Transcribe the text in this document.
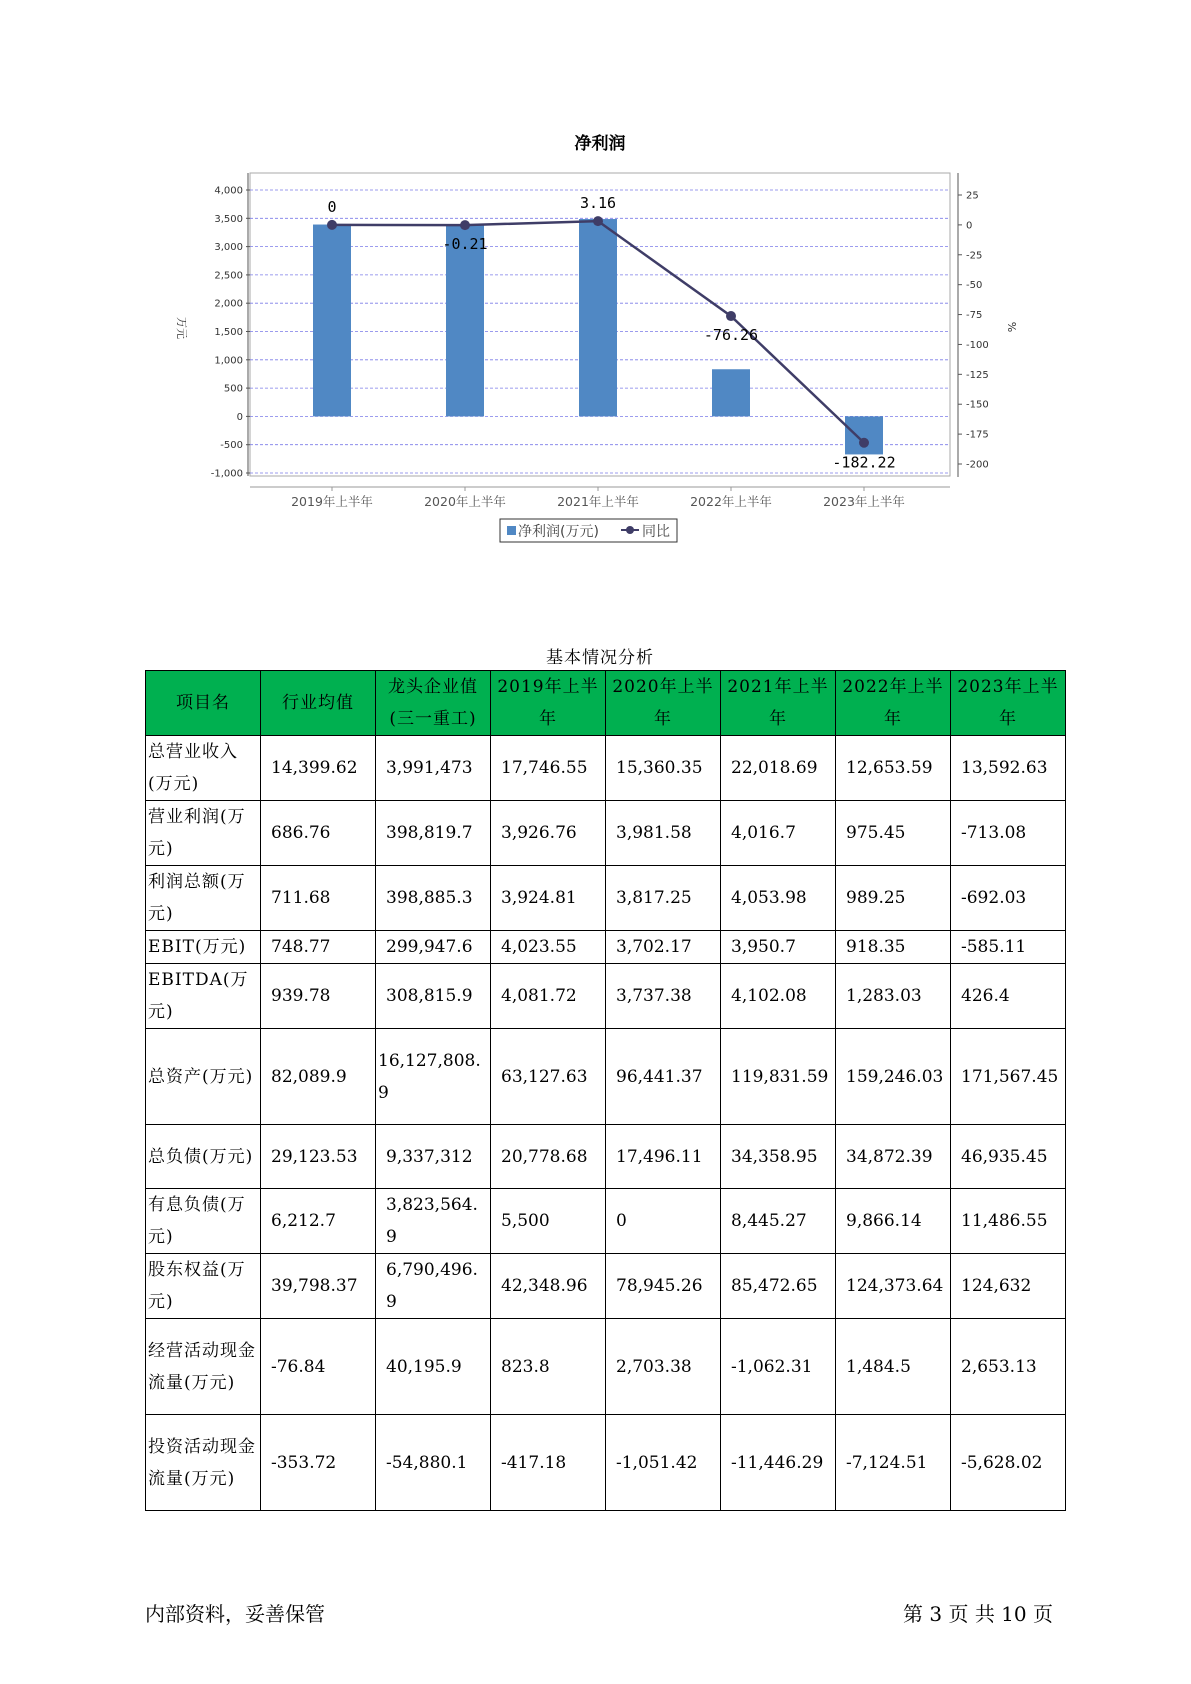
净利润
4,000
3,500
3,000
2,500
2,000
1,500
1,000
500
0
-500
-1,000
25
0
-25
-50
-75
-100
-125
-150
-175
-200
万元	%
2019年上半年	2020年上半年	2021年上半年	2022年上半年	2023年上半年
0
-0.21
3.16
-76.26
-182.22
净利润(万元)	同比
基本情况分析
项目名	行业均值	龙头企业值(三一重工)	2019年上半年	2020年上半年	2021年上半年	2022年上半年	2023年上半年
总营业收入(万元)	14,399.62	3,991,473	17,746.55	15,360.35	22,018.69	12,653.59	13,592.63
营业利润(万元)	686.76	398,819.7	3,926.76	3,981.58	4,016.7	975.45	-713.08
利润总额(万元)	711.68	398,885.3	3,924.81	3,817.25	4,053.98	989.25	-692.03
EBIT(万元)	748.77	299,947.6	4,023.55	3,702.17	3,950.7	918.35	-585.11
EBITDA(万元)	939.78	308,815.9	4,081.72	3,737.38	4,102.08	1,283.03	426.4
总资产(万元)	82,089.9	16,127,808.9	63,127.63	96,441.37	119,831.59	159,246.03	171,567.45
总负债(万元)	29,123.53	9,337,312	20,778.68	17,496.11	34,358.95	34,872.39	46,935.45
有息负债(万元)	6,212.7	3,823,564.9	5,500	0	8,445.27	9,866.14	11,486.55
股东权益(万元)	39,798.37	6,790,496.9	42,348.96	78,945.26	85,472.65	124,373.64	124,632
经营活动现金流量(万元)	-76.84	40,195.9	823.8	2,703.38	-1,062.31	1,484.5	2,653.13
投资活动现金流量(万元)	-353.72	-54,880.1	-417.18	-1,051.42	-11,446.29	-7,124.51	-5,628.02
内部资料，妥善保管	第 3 页 共 10 页
